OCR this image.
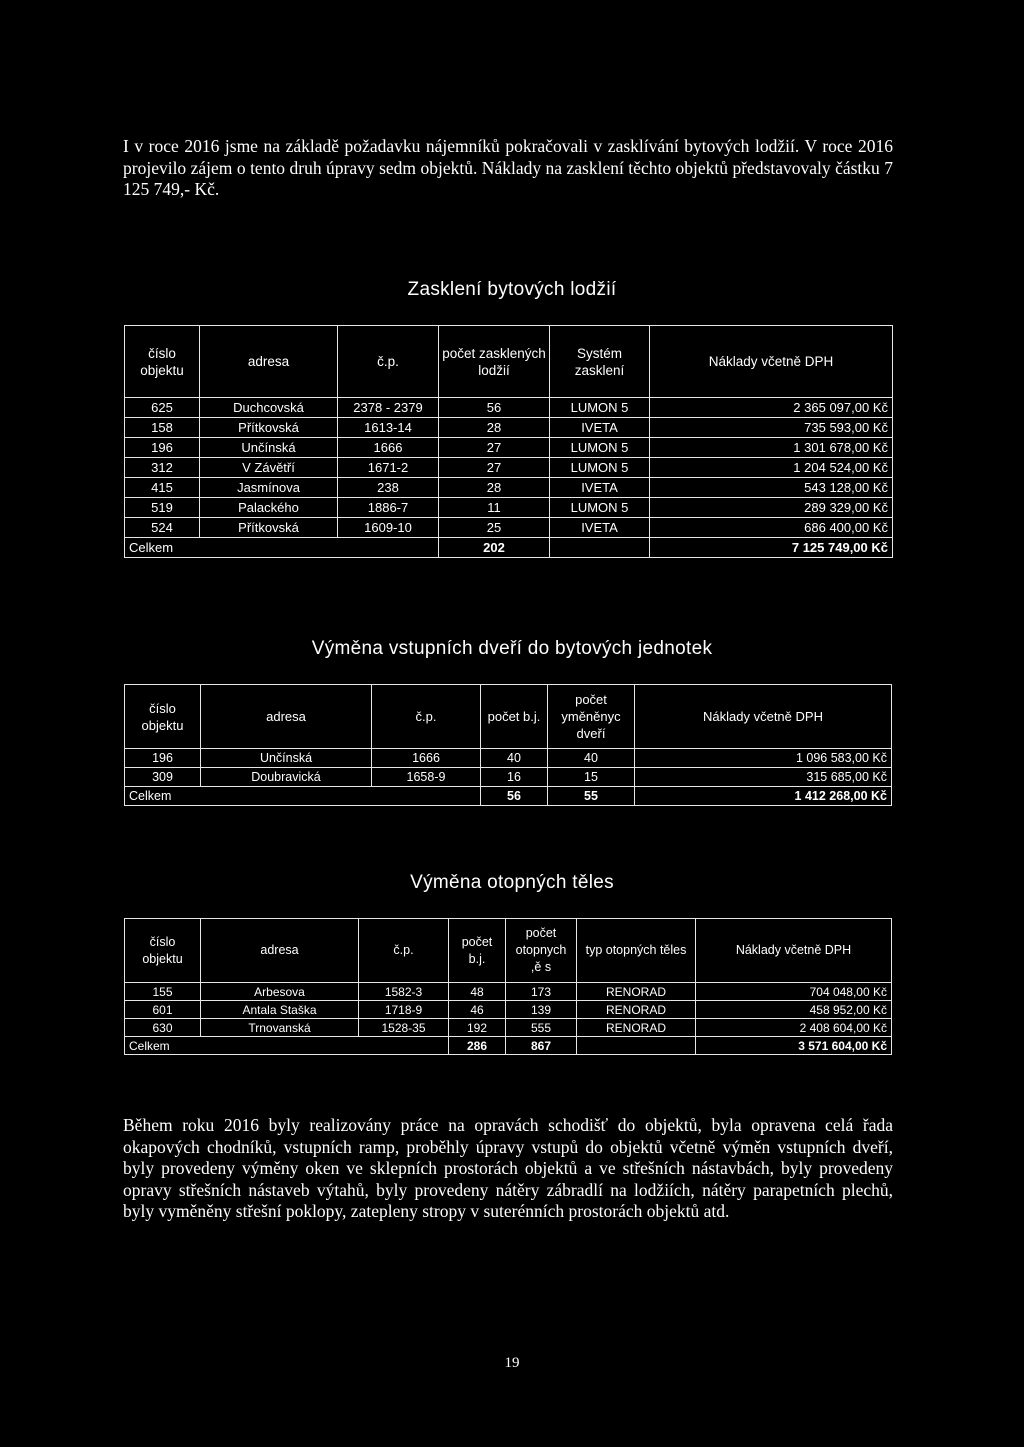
I v roce 2016 jsme na základě požadavku nájemníků pokračovali v zasklívání bytových lodžií. V roce 2016 projevilo zájem o tento druh úpravy sedm objektů. Náklady na zasklení těchto objektů představovaly částku 7 125 749,- Kč.

Zasklení bytových lodžií
číslo objektu	adresa	č.p.	počet zasklených lodžií	Systém zasklení	Náklady včetně DPH
625	Duchcovská	2378 - 2379	56	LUMON 5	2 365 097,00 Kč
158	Přítkovská	1613-14	28	IVETA	735 593,00 Kč
196	Unčínská	1666	27	LUMON 5	1 301 678,00 Kč
312	V Závětří	1671-2	27	LUMON 5	1 204 524,00 Kč
415	Jasmínova	238	28	IVETA	543 128,00 Kč
519	Palackého	1886-7	11	LUMON 5	289 329,00 Kč
524	Přítkovská	1609-10	25	IVETA	686 400,00 Kč
Celkem			202		7 125 749,00 Kč
Výměna vstupních dveří do bytových jednotek
číslo objektu	adresa	č.p.	počet b.j.	počet yměněnyc dveří	Náklady včetně DPH
196	Unčínská	1666	40	40	1 096 583,00 Kč
309	Doubravická	1658-9	16	15	315 685,00 Kč
Celkem			56	55	1 412 268,00 Kč
Výměna otopných těles
číslo objektu	adresa	č.p.	počet b.j.	počet otopnych ,ě s	typ otopných těles	Náklady včetně DPH
155	Arbesova	1582-3	48	173	RENORAD	704 048,00 Kč
601	Antala Staška	1718-9	46	139	RENORAD	458 952,00 Kč
630	Trnovanská	1528-35	192	555	RENORAD	2 408 604,00 Kč
Celkem			286	867		3 571 604,00 Kč

Během roku 2016 byly realizovány práce na opravách schodišť do objektů, byla opravena celá řada okapových chodníků, vstupních ramp, proběhly úpravy vstupů do objektů včetně výměn vstupních dveří, byly provedeny výměny oken ve sklepních prostorách objektů a ve střešních nástavbách, byly provedeny opravy střešních nástaveb výtahů, byly provedeny nátěry zábradlí na lodžiích, nátěry parapetních plechů, byly vyměněny střešní poklopy, zatepleny stropy v suterénních prostorách objektů atd.

19
